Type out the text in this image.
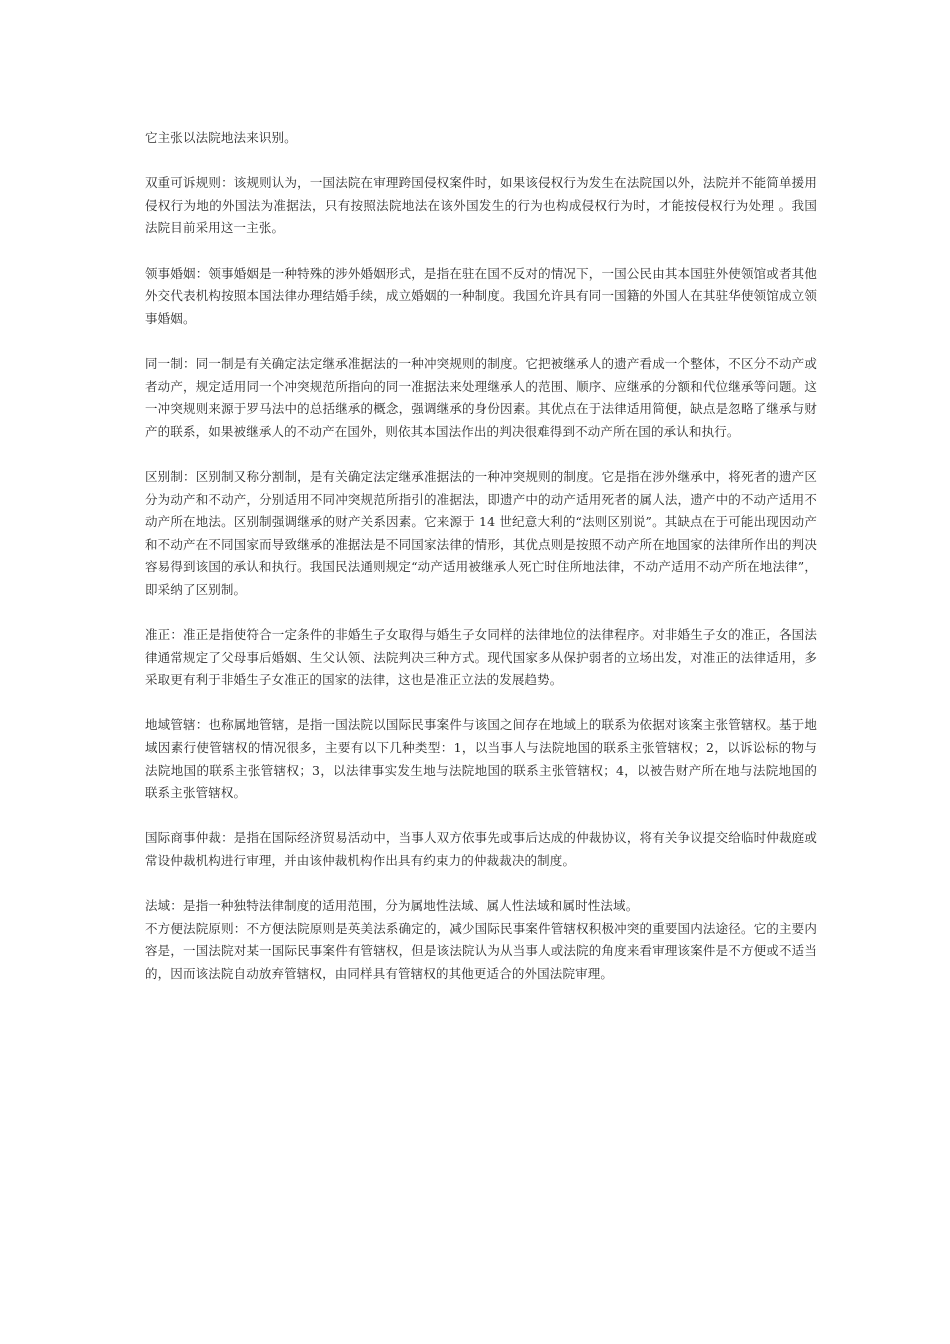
它主张以法院地法来识别。

双重可诉规则：该规则认为，一国法院在审理跨国侵权案件时，如果该侵权行为发生在法院国以外，法院并不能简单援用侵权行为地的外国法为准据法，只有按照法院地法在该外国发生的行为也构成侵权行为时，才能按侵权行为处理 。我国法院目前采用这一主张。

领事婚姻：领事婚姻是一种特殊的涉外婚姻形式，是指在驻在国不反对的情况下，一国公民由其本国驻外使领馆或者其他外交代表机构按照本国法律办理结婚手续，成立婚姻的一种制度。我国允许具有同一国籍的外国人在其驻华使领馆成立领事婚姻。

同一制：同一制是有关确定法定继承准据法的一种冲突规则的制度。它把被继承人的遗产看成一个整体，不区分不动产或者动产，规定适用同一个冲突规范所指向的同一准据法来处理继承人的范围、顺序、应继承的分额和代位继承等问题。这一冲突规则来源于罗马法中的总括继承的概念，强调继承的身份因素。其优点在于法律适用简便，缺点是忽略了继承与财产的联系，如果被继承人的不动产在国外，则依其本国法作出的判决很难得到不动产所在国的承认和执行。

区别制：区别制又称分割制，是有关确定法定继承准据法的一种冲突规则的制度。它是指在涉外继承中，将死者的遗产区分为动产和不动产，分别适用不同冲突规范所指引的准据法，即遗产中的动产适用死者的属人法，遗产中的不动产适用不动产所在地法。区别制强调继承的财产关系因素。它来源于 14 世纪意大利的“法则区别说”。其缺点在于可能出现因动产和不动产在不同国家而导致继承的准据法是不同国家法律的情形，其优点则是按照不动产所在地国家的法律所作出的判决容易得到该国的承认和执行。我国民法通则规定“动产适用被继承人死亡时住所地法律，不动产适用不动产所在地法律”，即采纳了区别制。

准正：准正是指使符合一定条件的非婚生子女取得与婚生子女同样的法律地位的法律程序。对非婚生子女的准正，各国法律通常规定了父母事后婚姻、生父认领、法院判决三种方式。现代国家多从保护弱者的立场出发，对准正的法律适用，多采取更有利于非婚生子女准正的国家的法律，这也是准正立法的发展趋势。

地域管辖：也称属地管辖，是指一国法院以国际民事案件与该国之间存在地域上的联系为依据对该案主张管辖权。基于地域因素行使管辖权的情况很多，主要有以下几种类型：1，以当事人与法院地国的联系主张管辖权；2，以诉讼标的物与法院地国的联系主张管辖权；3，以法律事实发生地与法院地国的联系主张管辖权；4，以被告财产所在地与法院地国的联系主张管辖权。

国际商事仲裁：是指在国际经济贸易活动中，当事人双方依事先或事后达成的仲裁协议，将有关争议提交给临时仲裁庭或常设仲裁机构进行审理，并由该仲裁机构作出具有约束力的仲裁裁决的制度。

法域：是指一种独特法律制度的适用范围，分为属地性法域、属人性法域和属时性法域。

不方便法院原则：不方便法院原则是英美法系确定的，减少国际民事案件管辖权积极冲突的重要国内法途径。它的主要内容是，一国法院对某一国际民事案件有管辖权，但是该法院认为从当事人或法院的角度来看审理该案件是不方便或不适当的，因而该法院自动放弃管辖权，由同样具有管辖权的其他更适合的外国法院审理。
